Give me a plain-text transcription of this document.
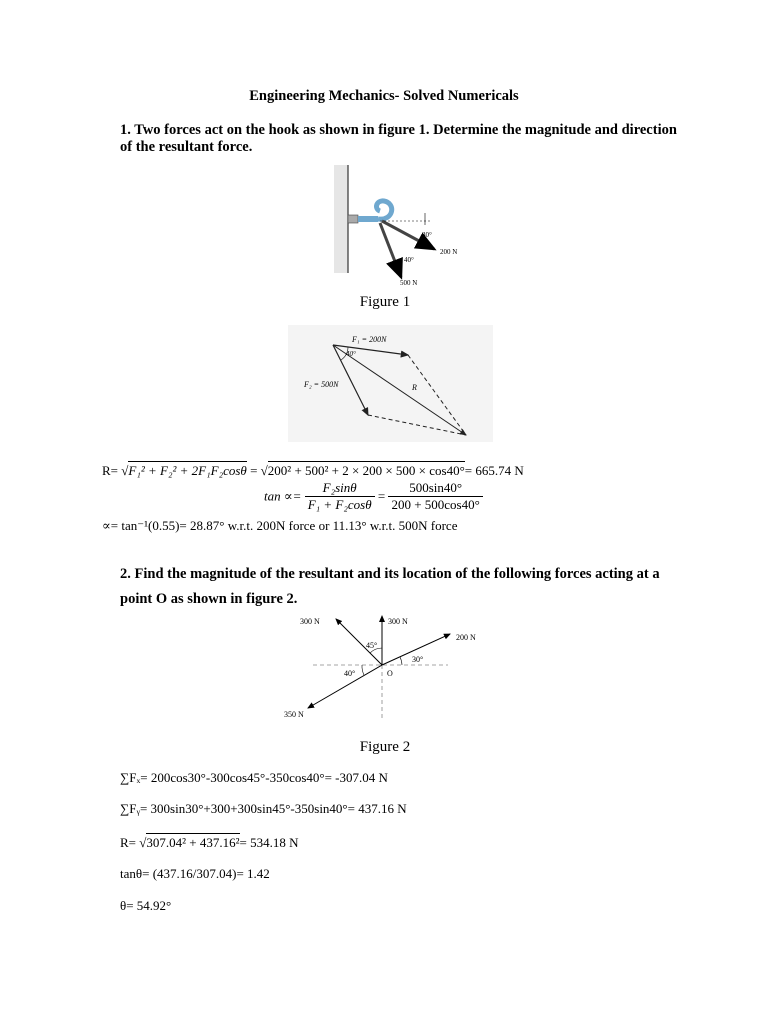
Engineering Mechanics- Solved Numericals
1. Two forces act on the hook as shown in figure 1. Determine the magnitude and direction of the resultant force.
30°
200 N
40°
500 N
Figure 1
F₁ = 200N
40°
F₂ = 500N	R
R= √F₁² + F₂² + 2F₁F₂cosθ = √200² + 500² + 2 × 200 × 500 × cos40°= 665.74 N
$\tan \propto= \frac{\text{F₂sinθ}}{\text{F₁ + F₂cosθ}} = \frac{500\sin 40^\circ}{200 + 500\cos 40^\circ}$
∝= tan⁻¹(0.55)= 28.87° w.r.t. 200N force or 11.13° w.r.t. 500N force
2. Find the magnitude of the resultant and its location of the following forces acting at a point O as shown in figure 2.
300 N	300 N
200 N
350 N
45°
30°
40°	O
Figure 2
∑Fₓ= 200cos30°-300cos45°-350cos40°= -307.04 N
∑Fᵧ= 300sin30°+300+300sin45°-350sin40°= 437.16 N
R= √307.04² + 437.16²= 534.18 N
tanθ= (437.16/307.04)= 1.42
θ= 54.92°
